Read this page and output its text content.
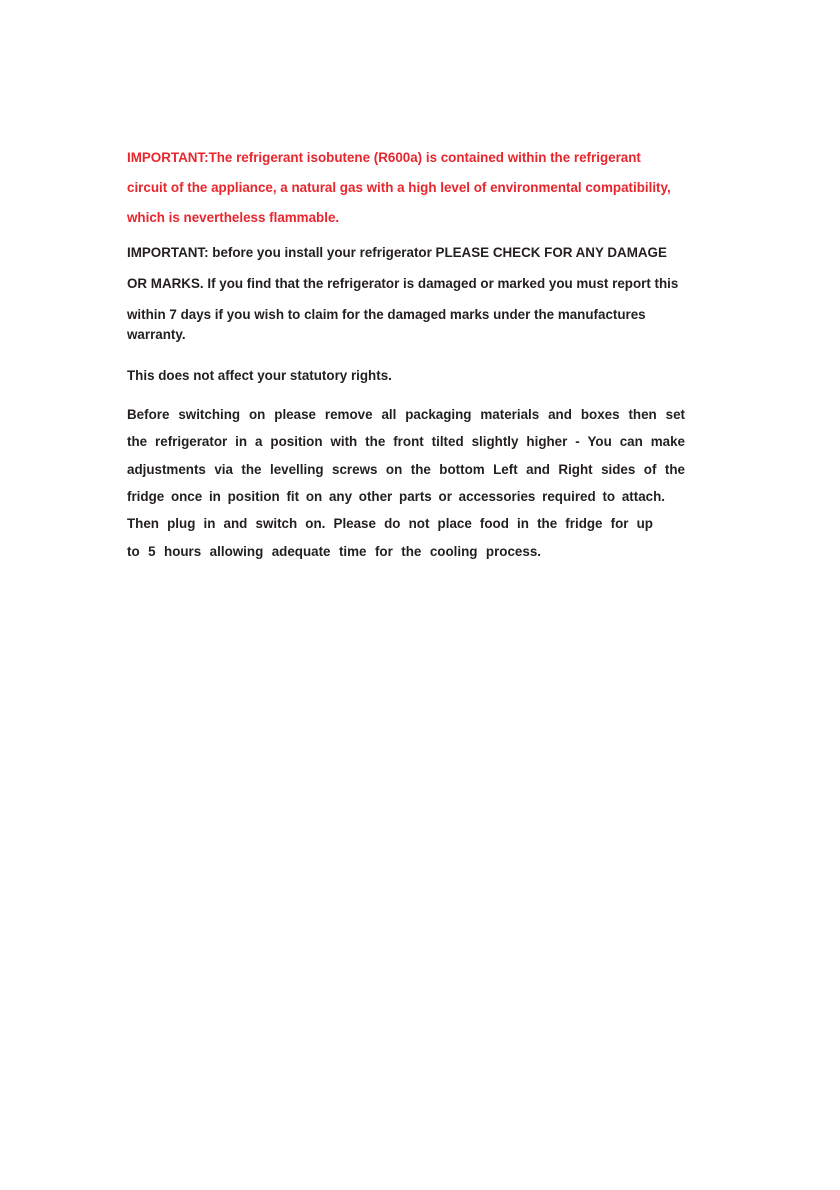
IMPORTANT:The refrigerant isobutene (R600a) is contained within the refrigerant
circuit of the appliance, a natural gas with a high level of environmental compatibility,
which is nevertheless flammable.
IMPORTANT: before you install your refrigerator PLEASE CHECK FOR ANY DAMAGE
OR MARKS. If you find that the refrigerator is damaged or marked you must report this
within 7 days if you wish to claim for the damaged marks under the manufactures
warranty.
This does not affect your statutory rights.
Before switching on please remove all packaging materials and boxes then set
the refrigerator in a position with the front tilted slightly higher - You can make
adjustments via the levelling screws on the bottom Left and Right sides of the
fridge once in position fit on any other parts or accessories required to attach.
Then plug in and switch on. Please do not place food in the fridge for up
to 5 hours allowing adequate time for the cooling process.
